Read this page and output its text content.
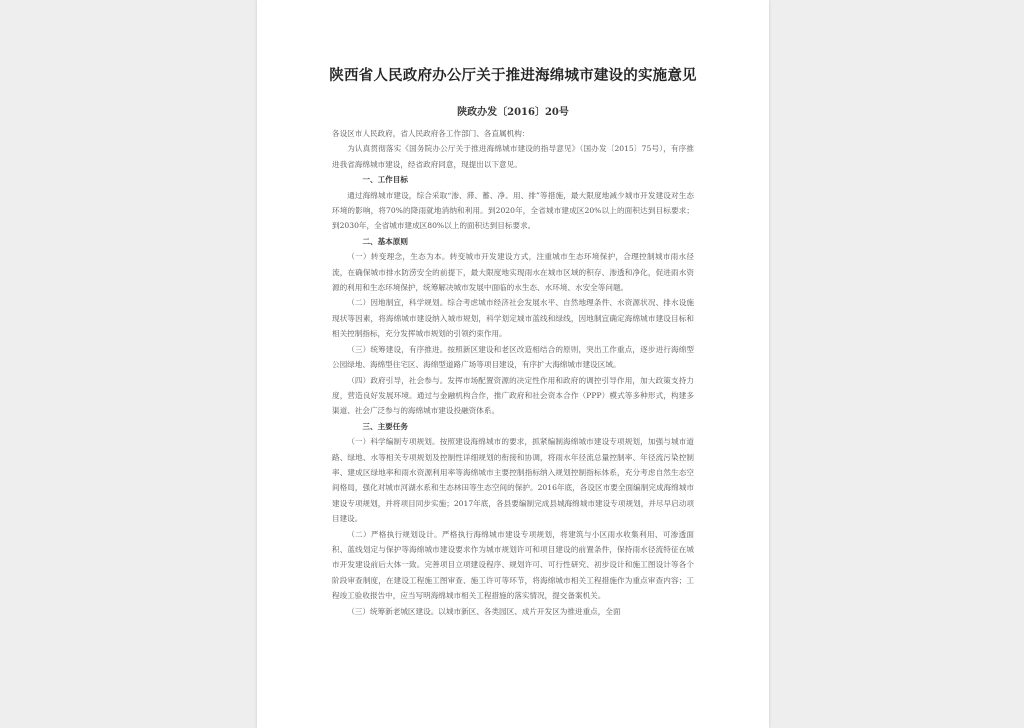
陕西省人民政府办公厅关于推进海绵城市建设的实施意见
陕政办发〔2016〕20号

各设区市人民政府，省人民政府各工作部门、各直属机构：

为认真贯彻落实《国务院办公厅关于推进海绵城市建设的指导意见》（国办发〔2015〕75号），有序推进我省海绵城市建设，经省政府同意，现提出以下意见。

一、工作目标

通过海绵城市建设，综合采取“渗、滞、蓄、净、用、排”等措施，最大限度地减少城市开发建设对生态环境的影响，将70%的降雨就地消纳和利用。到2020年，全省城市建成区20%以上的面积达到目标要求；到2030年，全省城市建成区80%以上的面积达到目标要求。

二、基本原则

（一）转变理念，生态为本。转变城市开发建设方式，注重城市生态环境保护，合理控制城市雨水径流，在确保城市排水防涝安全的前提下，最大限度地实现雨水在城市区域的积存、渗透和净化，促进雨水资源的利用和生态环境保护，统筹解决城市发展中面临的水生态、水环境、水安全等问题。

（二）因地制宜，科学规划。综合考虑城市经济社会发展水平、自然地理条件、水资源状况、排水设施现状等因素，将海绵城市建设纳入城市规划，科学划定城市蓝线和绿线，因地制宜确定海绵城市建设目标和相关控制指标，充分发挥城市规划的引领约束作用。

（三）统筹建设，有序推进。按照新区建设和老区改造相结合的原则，突出工作重点，逐步进行海绵型公园绿地、海绵型住宅区、海绵型道路广场等项目建设，有序扩大海绵城市建设区域。

（四）政府引导，社会参与。发挥市场配置资源的决定性作用和政府的调控引导作用，加大政策支持力度，营造良好发展环境。通过与金融机构合作，推广政府和社会资本合作（PPP）模式等多种形式，构建多渠道、社会广泛参与的海绵城市建设投融资体系。

三、主要任务

（一）科学编制专项规划。按照建设海绵城市的要求，抓紧编制海绵城市建设专项规划，加强与城市道路、绿地、水等相关专项规划及控制性详细规划的衔接和协调，将雨水年径流总量控制率、年径流污染控制率、建成区绿地率和雨水资源利用率等海绵城市主要控制指标纳入规划控制指标体系，充分考虑自然生态空间格局，强化对城市河湖水系和生态林田等生态空间的保护。2016年底，各设区市要全面编制完成海绵城市建设专项规划，并将项目同步实施；2017年底，各县要编制完成县城海绵城市建设专项规划，并尽早启动项目建设。

（二）严格执行规划设计。严格执行海绵城市建设专项规划，将建筑与小区雨水收集利用、可渗透面积、蓝线划定与保护等海绵城市建设要求作为城市规划许可和项目建设的前置条件，保持雨水径流特征在城市开发建设前后大体一致。完善项目立项建设程序、规划许可、可行性研究、初步设计和施工图设计等各个阶段审查制度，在建设工程施工图审查、施工许可等环节，将海绵城市相关工程措施作为重点审查内容；工程竣工验收报告中，应当写明海绵城市相关工程措施的落实情况，提交备案机关。

（三）统筹新老城区建设。以城市新区、各类园区、成片开发区为推进重点，全面
